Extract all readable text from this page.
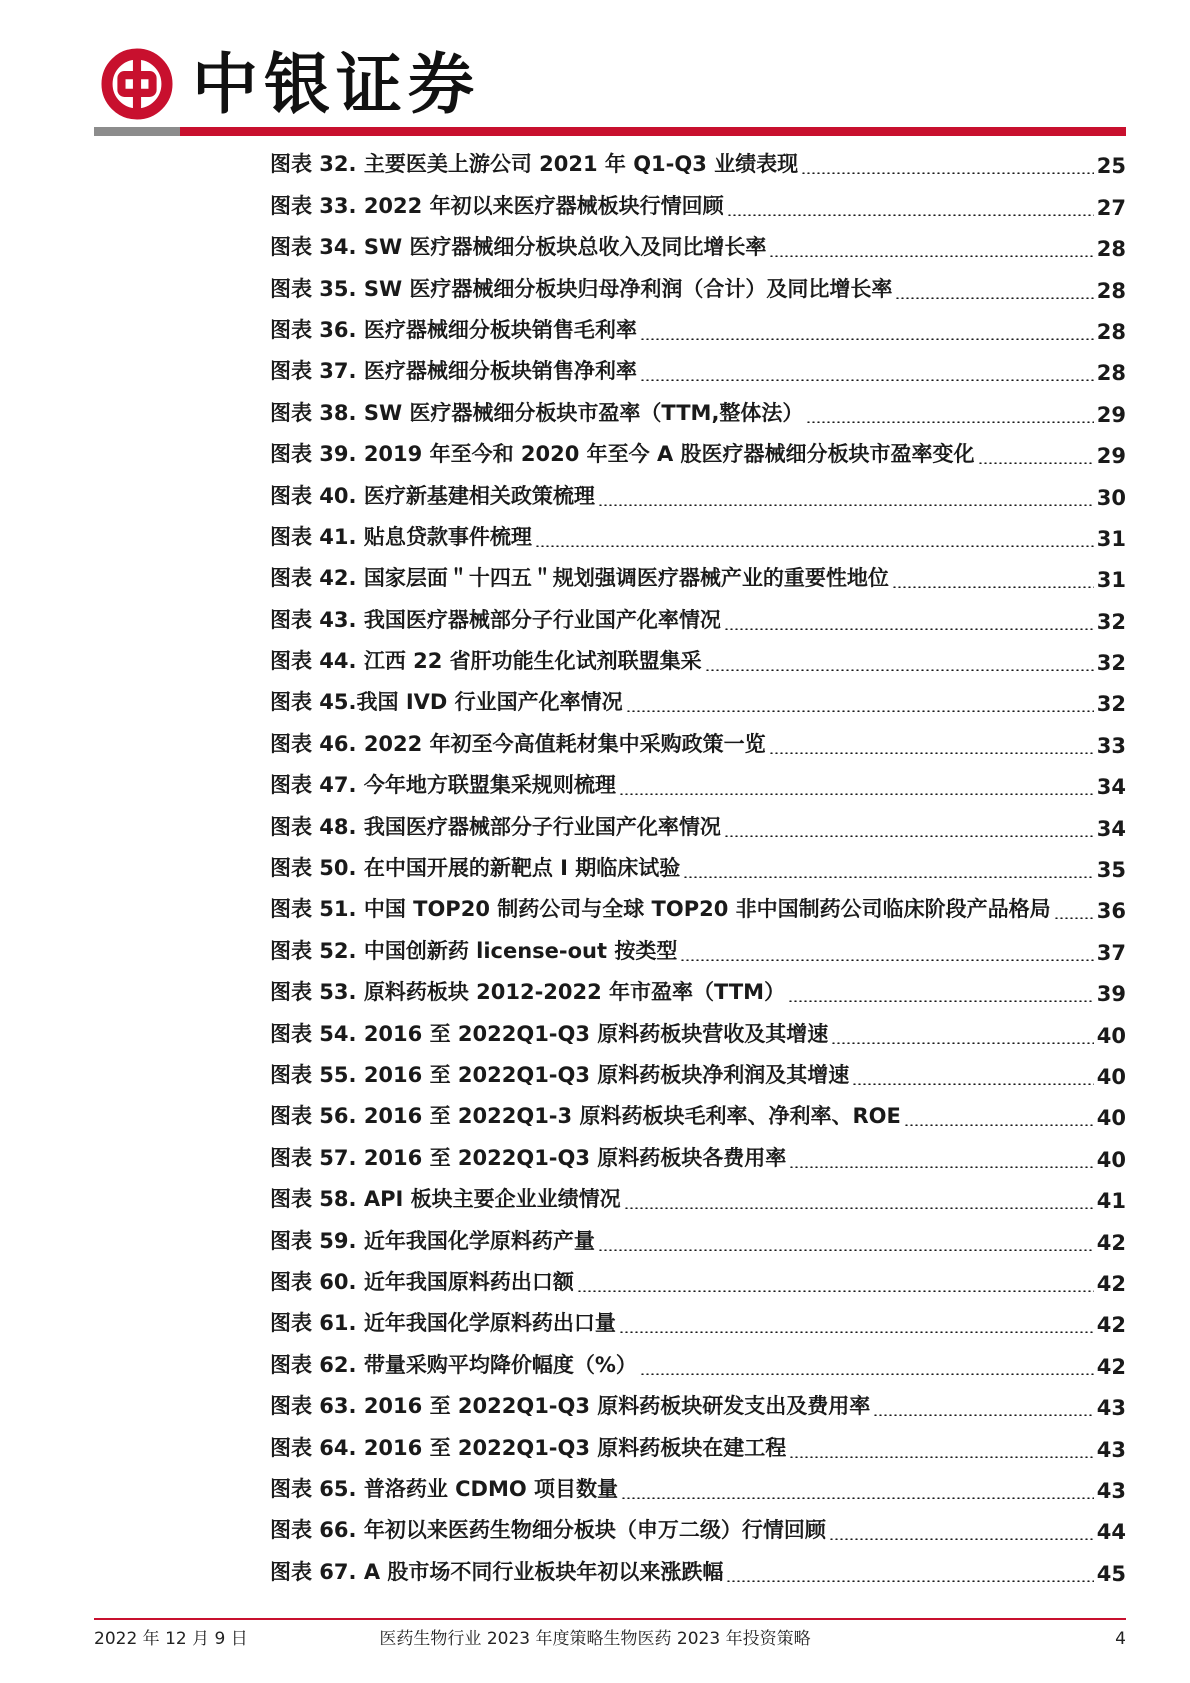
中银证券
图表 32. 主要医美上游公司 2021 年 Q1-Q3 业绩表现	25
图表 33. 2022 年初以来医疗器械板块行情回顾	27
图表 34. SW 医疗器械细分板块总收入及同比增长率	28
图表 35. SW 医疗器械细分板块归母净利润（合计）及同比增长率	28
图表 36. 医疗器械细分板块销售毛利率	28
图表 37. 医疗器械细分板块销售净利率	28
图表 38. SW 医疗器械细分板块市盈率（TTM,整体法）	29
图表 39. 2019 年至今和 2020 年至今 A 股医疗器械细分板块市盈率变化	29
图表 40. 医疗新基建相关政策梳理	30
图表 41. 贴息贷款事件梳理	31
图表 42. 国家层面＂十四五＂规划强调医疗器械产业的重要性地位	31
图表 43. 我国医疗器械部分子行业国产化率情况	32
图表 44. 江西 22 省肝功能生化试剂联盟集采	32
图表 45.我国 IVD 行业国产化率情况	32
图表 46. 2022 年初至今高值耗材集中采购政策一览	33
图表 47. 今年地方联盟集采规则梳理	34
图表 48. 我国医疗器械部分子行业国产化率情况	34
图表 50. 在中国开展的新靶点 I 期临床试验	35
图表 51. 中国 TOP20 制药公司与全球 TOP20 非中国制药公司临床阶段产品格局 36
图表 52. 中国创新药 license-out 按类型	37
图表 53. 原料药板块 2012-2022 年市盈率（TTM）	39
图表 54. 2016 至 2022Q1-Q3 原料药板块营收及其增速	40
图表 55. 2016 至 2022Q1-Q3 原料药板块净利润及其增速	40
图表 56. 2016 至 2022Q1-3 原料药板块毛利率、净利率、ROE	40
图表 57. 2016 至 2022Q1-Q3 原料药板块各费用率	40
图表 58. API 板块主要企业业绩情况	41
图表 59. 近年我国化学原料药产量	42
图表 60. 近年我国原料药出口额	42
图表 61. 近年我国化学原料药出口量	42
图表 62. 带量采购平均降价幅度（%）	42
图表 63. 2016 至 2022Q1-Q3 原料药板块研发支出及费用率	43
图表 64. 2016 至 2022Q1-Q3 原料药板块在建工程	43
图表 65. 普洛药业 CDMO 项目数量	43
图表 66. 年初以来医药生物细分板块（申万二级）行情回顾	44
图表 67. A 股市场不同行业板块年初以来涨跌幅	45
2022 年 12 月 9 日	医药生物行业 2023 年度策略生物医药 2023 年投资策略	4
